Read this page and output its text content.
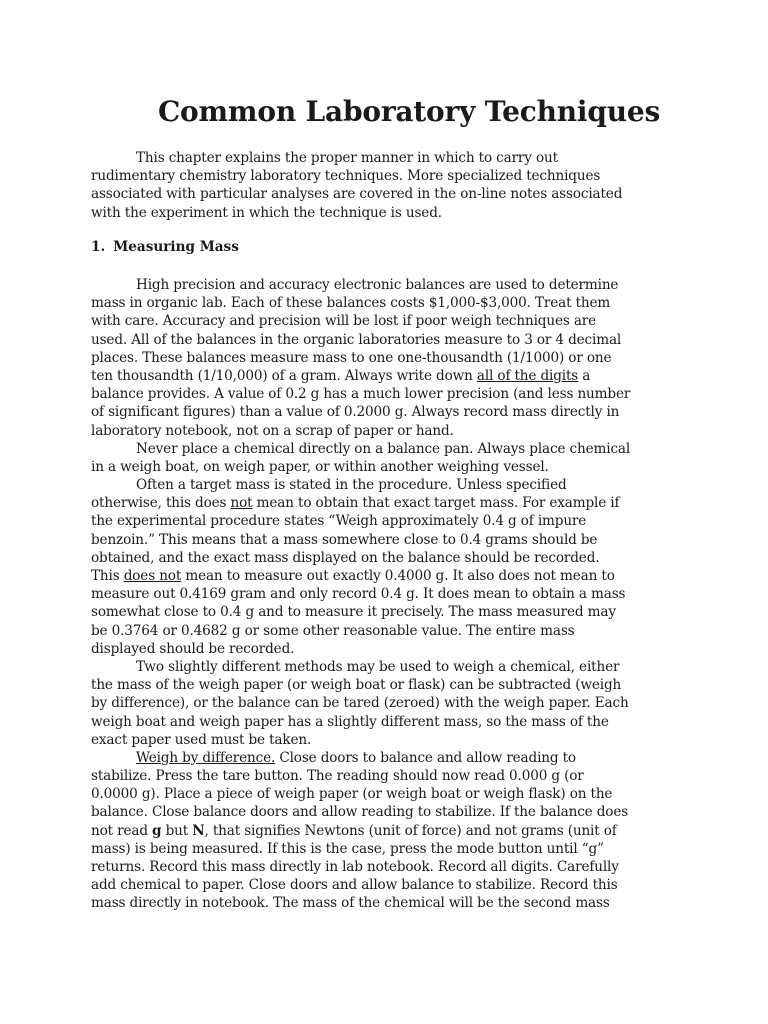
Common Laboratory Techniques
This chapter explains the proper manner in which to carry out
rudimentary chemistry laboratory techniques. More specialized techniques
associated with particular analyses are covered in the on-line notes associated
with the experiment in which the technique is used.
1. Measuring Mass
High precision and accuracy electronic balances are used to determine
mass in organic lab. Each of these balances costs $1,000-$3,000. Treat them
with care. Accuracy and precision will be lost if poor weigh techniques are
used. All of the balances in the organic laboratories measure to 3 or 4 decimal
places. These balances measure mass to one one-thousandth (1/1000) or one
ten thousandth (1/10,000) of a gram. Always write down all of the digits a
balance provides. A value of 0.2 g has a much lower precision (and less number
of significant figures) than a value of 0.2000 g. Always record mass directly in
laboratory notebook, not on a scrap of paper or hand.
Never place a chemical directly on a balance pan. Always place chemical
in a weigh boat, on weigh paper, or within another weighing vessel.
Often a target mass is stated in the procedure. Unless specified
otherwise, this does not mean to obtain that exact target mass. For example if
the experimental procedure states “Weigh approximately 0.4 g of impure
benzoin.” This means that a mass somewhere close to 0.4 grams should be
obtained, and the exact mass displayed on the balance should be recorded.
This does not mean to measure out exactly 0.4000 g. It also does not mean to
measure out 0.4169 gram and only record 0.4 g. It does mean to obtain a mass
somewhat close to 0.4 g and to measure it precisely. The mass measured may
be 0.3764 or 0.4682 g or some other reasonable value. The entire mass
displayed should be recorded.
Two slightly different methods may be used to weigh a chemical, either
the mass of the weigh paper (or weigh boat or flask) can be subtracted (weigh
by difference), or the balance can be tared (zeroed) with the weigh paper. Each
weigh boat and weigh paper has a slightly different mass, so the mass of the
exact paper used must be taken.
Weigh by difference. Close doors to balance and allow reading to
stabilize. Press the tare button. The reading should now read 0.000 g (or
0.0000 g). Place a piece of weigh paper (or weigh boat or weigh flask) on the
balance. Close balance doors and allow reading to stabilize. If the balance does
not read g but N, that signifies Newtons (unit of force) and not grams (unit of
mass) is being measured. If this is the case, press the mode button until “g”
returns. Record this mass directly in lab notebook. Record all digits. Carefully
add chemical to paper. Close doors and allow balance to stabilize. Record this
mass directly in notebook. The mass of the chemical will be the second mass
